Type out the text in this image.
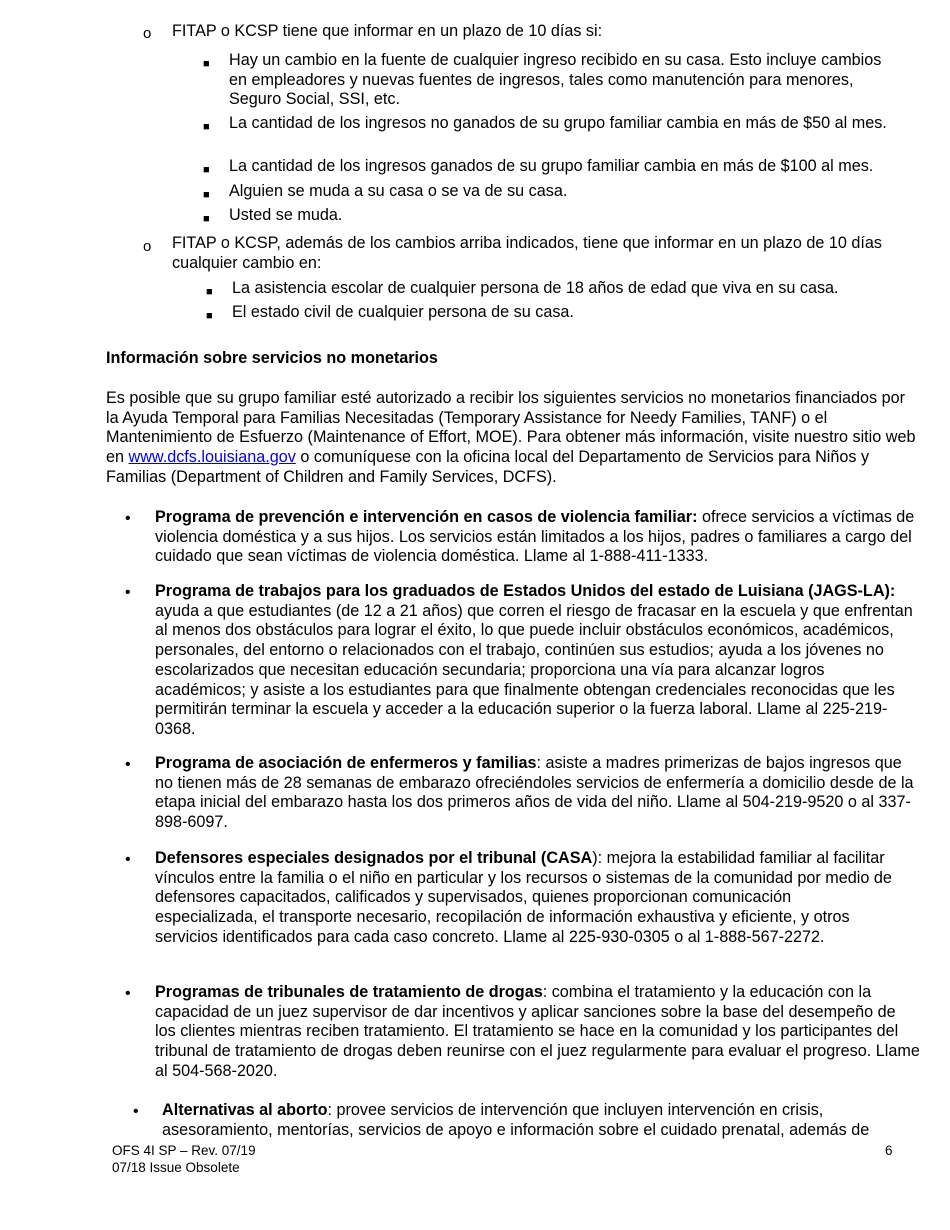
o FITAP o KCSP tiene que informar en un plazo de 10 días si:
■ Hay un cambio en la fuente de cualquier ingreso recibido en su casa. Esto incluye cambios en empleadores y nuevas fuentes de ingresos, tales como manutención para menores, Seguro Social, SSI, etc.
■ La cantidad de los ingresos no ganados de su grupo familiar cambia en más de $50 al mes.
■ La cantidad de los ingresos ganados de su grupo familiar cambia en más de $100 al mes.
■ Alguien se muda a su casa o se va de su casa.
■ Usted se muda.
o FITAP o KCSP, además de los cambios arriba indicados, tiene que informar en un plazo de 10 días cualquier cambio en:
■ La asistencia escolar de cualquier persona de 18 años de edad que viva en su casa.
■ El estado civil de cualquier persona de su casa.
Información sobre servicios no monetarios
Es posible que su grupo familiar esté autorizado a recibir los siguientes servicios no monetarios financiados por la Ayuda Temporal para Familias Necesitadas (Temporary Assistance for Needy Families, TANF) o el Mantenimiento de Esfuerzo (Maintenance of Effort, MOE). Para obtener más información, visite nuestro sitio web en www.dcfs.louisiana.gov o comuníquese con la oficina local del Departamento de Servicios para Niños y Familias (Department of Children and Family Services, DCFS).
• Programa de prevención e intervención en casos de violencia familiar: ofrece servicios a víctimas de violencia doméstica y a sus hijos. Los servicios están limitados a los hijos, padres o familiares a cargo del cuidado que sean víctimas de violencia doméstica. Llame al 1-888-411-1333.
• Programa de trabajos para los graduados de Estados Unidos del estado de Luisiana (JAGS-LA): ayuda a que estudiantes (de 12 a 21 años) que corren el riesgo de fracasar en la escuela y que enfrentan al menos dos obstáculos para lograr el éxito, lo que puede incluir obstáculos económicos, académicos, personales, del entorno o relacionados con el trabajo, continúen sus estudios; ayuda a los jóvenes no escolarizados que necesitan educación secundaria; proporciona una vía para alcanzar logros académicos; y asiste a los estudiantes para que finalmente obtengan credenciales reconocidas que les permitirán terminar la escuela y acceder a la educación superior o la fuerza laboral. Llame al 225-219-0368.
• Programa de asociación de enfermeros y familias: asiste a madres primerizas de bajos ingresos que no tienen más de 28 semanas de embarazo ofreciéndoles servicios de enfermería a domicilio desde de la etapa inicial del embarazo hasta los dos primeros años de vida del niño. Llame al 504-219-9520 o al 337-898-6097.
• Defensores especiales designados por el tribunal (CASA): mejora la estabilidad familiar al facilitar vínculos entre la familia o el niño en particular y los recursos o sistemas de la comunidad por medio de defensores capacitados, calificados y supervisados, quienes proporcionan comunicación especializada, el transporte necesario, recopilación de información exhaustiva y eficiente, y otros servicios identificados para cada caso concreto. Llame al 225-930-0305 o al 1-888-567-2272.
• Programas de tribunales de tratamiento de drogas: combina el tratamiento y la educación con la capacidad de un juez supervisor de dar incentivos y aplicar sanciones sobre la base del desempeño de los clientes mientras reciben tratamiento. El tratamiento se hace en la comunidad y los participantes del tribunal de tratamiento de drogas deben reunirse con el juez regularmente para evaluar el progreso. Llame al 504-568-2020.
• Alternativas al aborto: provee servicios de intervención que incluyen intervención en crisis, asesoramiento, mentorías, servicios de apoyo e información sobre el cuidado prenatal, además de
OFS 4I SP – Rev. 07/19
07/18 Issue Obsolete
6
